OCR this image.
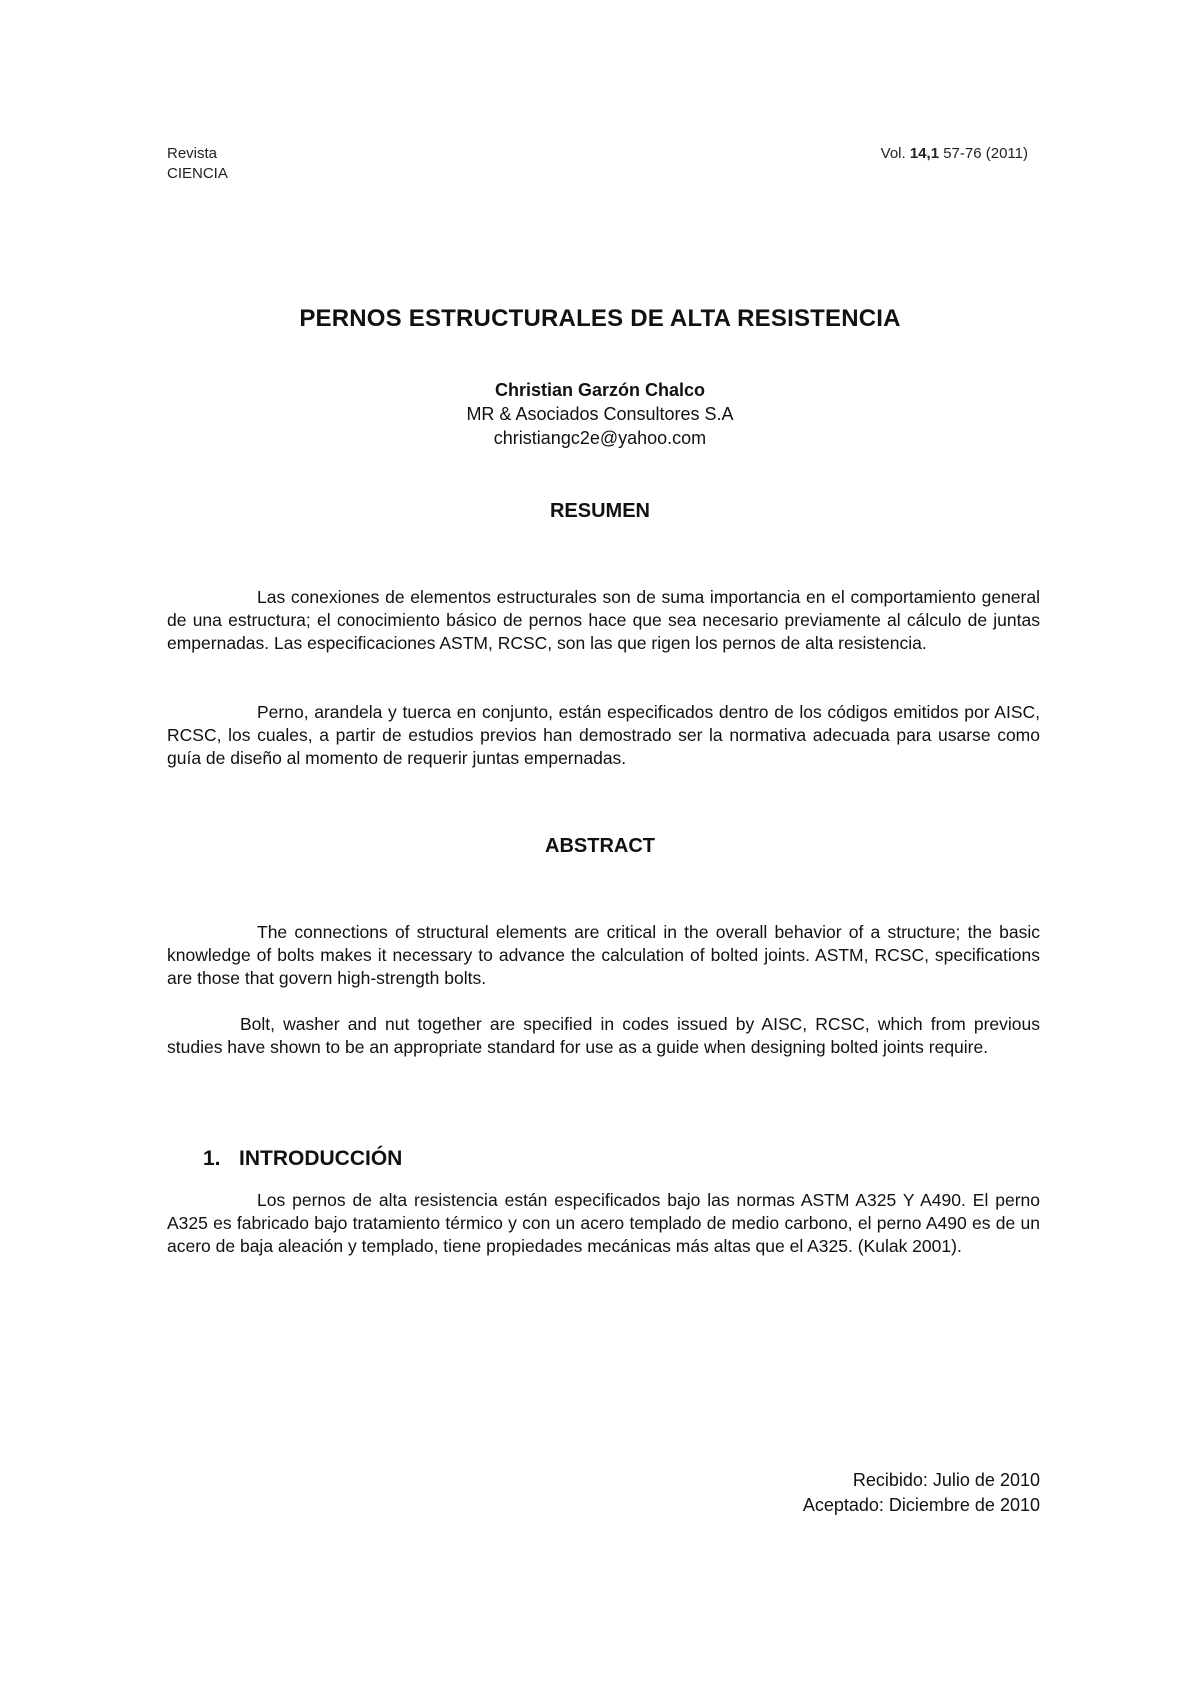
Revista
CIENCIA
Vol. 14,1 57-76 (2011)
PERNOS ESTRUCTURALES DE ALTA RESISTENCIA
Christian Garzón Chalco
MR & Asociados Consultores S.A
christiangc2e@yahoo.com
RESUMEN

Las conexiones de elementos estructurales son de suma importancia en el comportamiento general de una estructura; el conocimiento básico de pernos hace que sea necesario previamente al cálculo de juntas empernadas. Las especificaciones ASTM, RCSC, son las que rigen los pernos de alta resistencia.

Perno, arandela y tuerca en conjunto, están especificados dentro de los códigos emitidos por AISC, RCSC, los cuales, a partir de estudios previos han demostrado ser la normativa adecuada para usarse como guía de diseño al momento de requerir juntas empernadas.

ABSTRACT

The connections of structural elements are critical in the overall behavior of a structure; the basic knowledge of bolts makes it necessary to advance the calculation of bolted joints. ASTM, RCSC, specifications are those that govern high-strength bolts.

Bolt, washer and nut together are specified in codes issued by AISC, RCSC, which from previous studies have shown to be an appropriate standard for use as a guide when designing bolted joints require.

1. INTRODUCCIÓN

Los pernos de alta resistencia están especificados bajo las normas ASTM A325 Y A490. El perno A325 es fabricado bajo tratamiento térmico y con un acero templado de medio carbono, el perno A490 es de un acero de baja aleación y templado, tiene propiedades mecánicas más altas que el A325. (Kulak 2001).

Recibido: Julio de 2010
Aceptado: Diciembre de 2010
